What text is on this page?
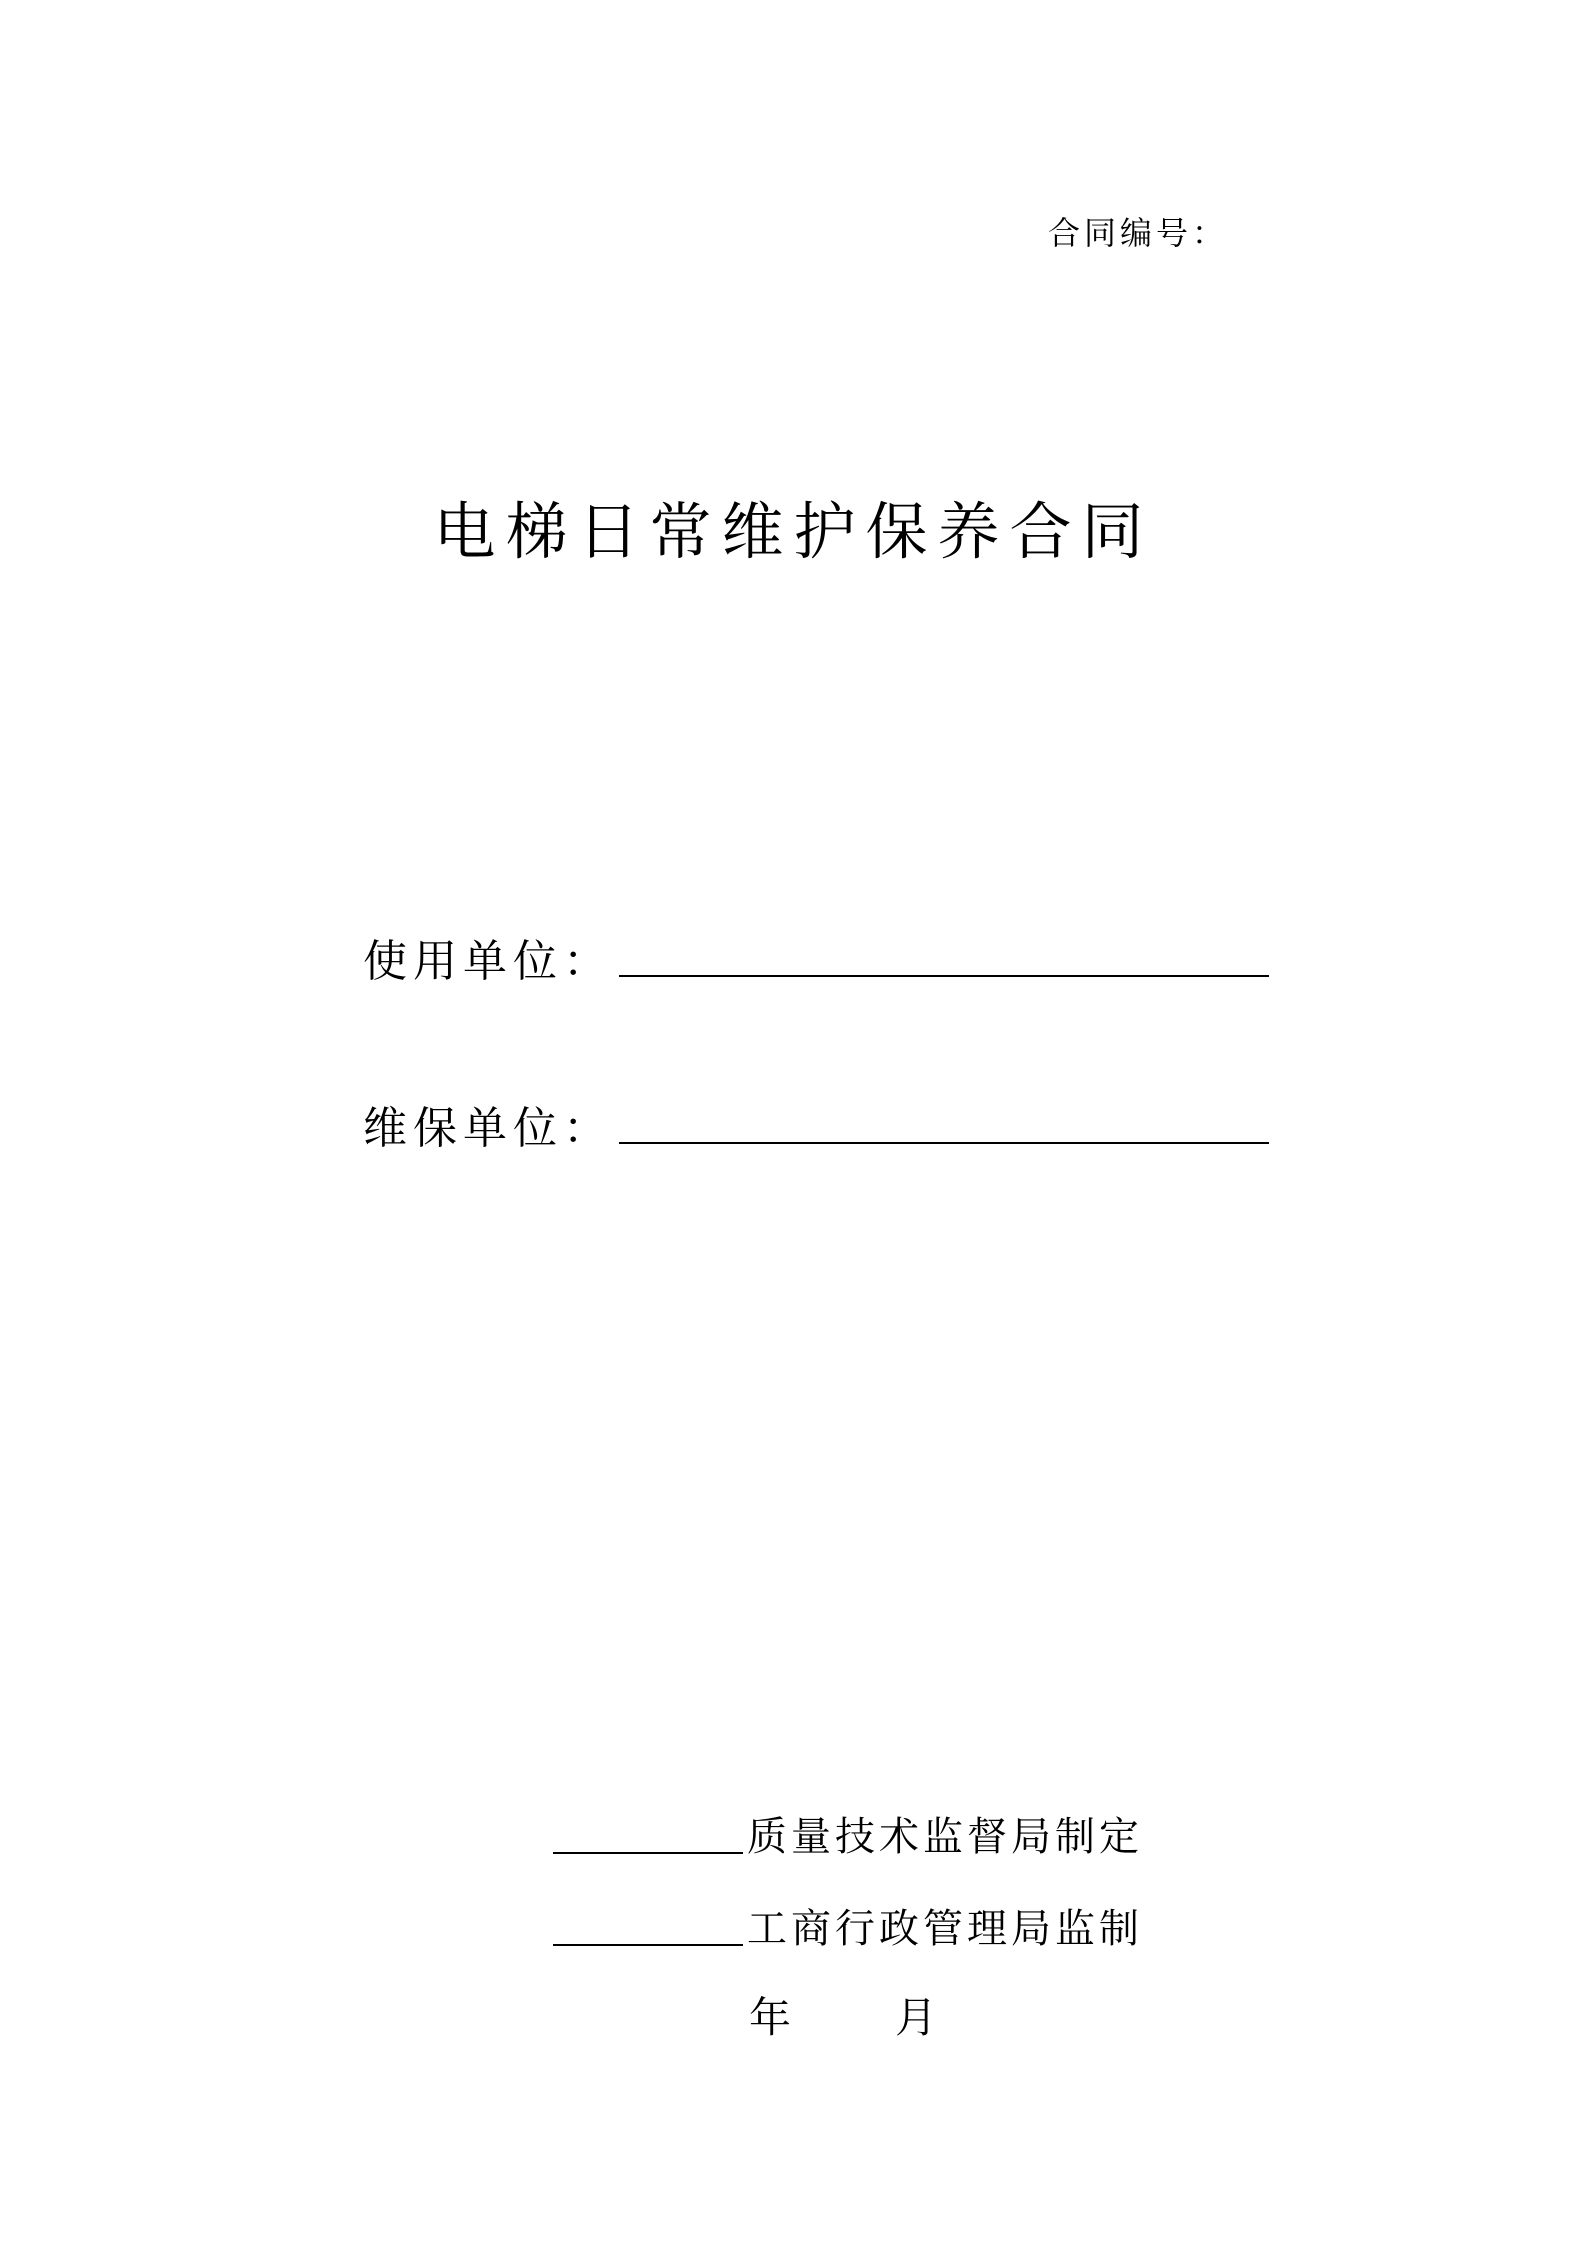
合同编号：
电梯日常维护保养合同
使用单位：
维保单位：
质量技术监督局制定
工商行政管理局监制
年 月
